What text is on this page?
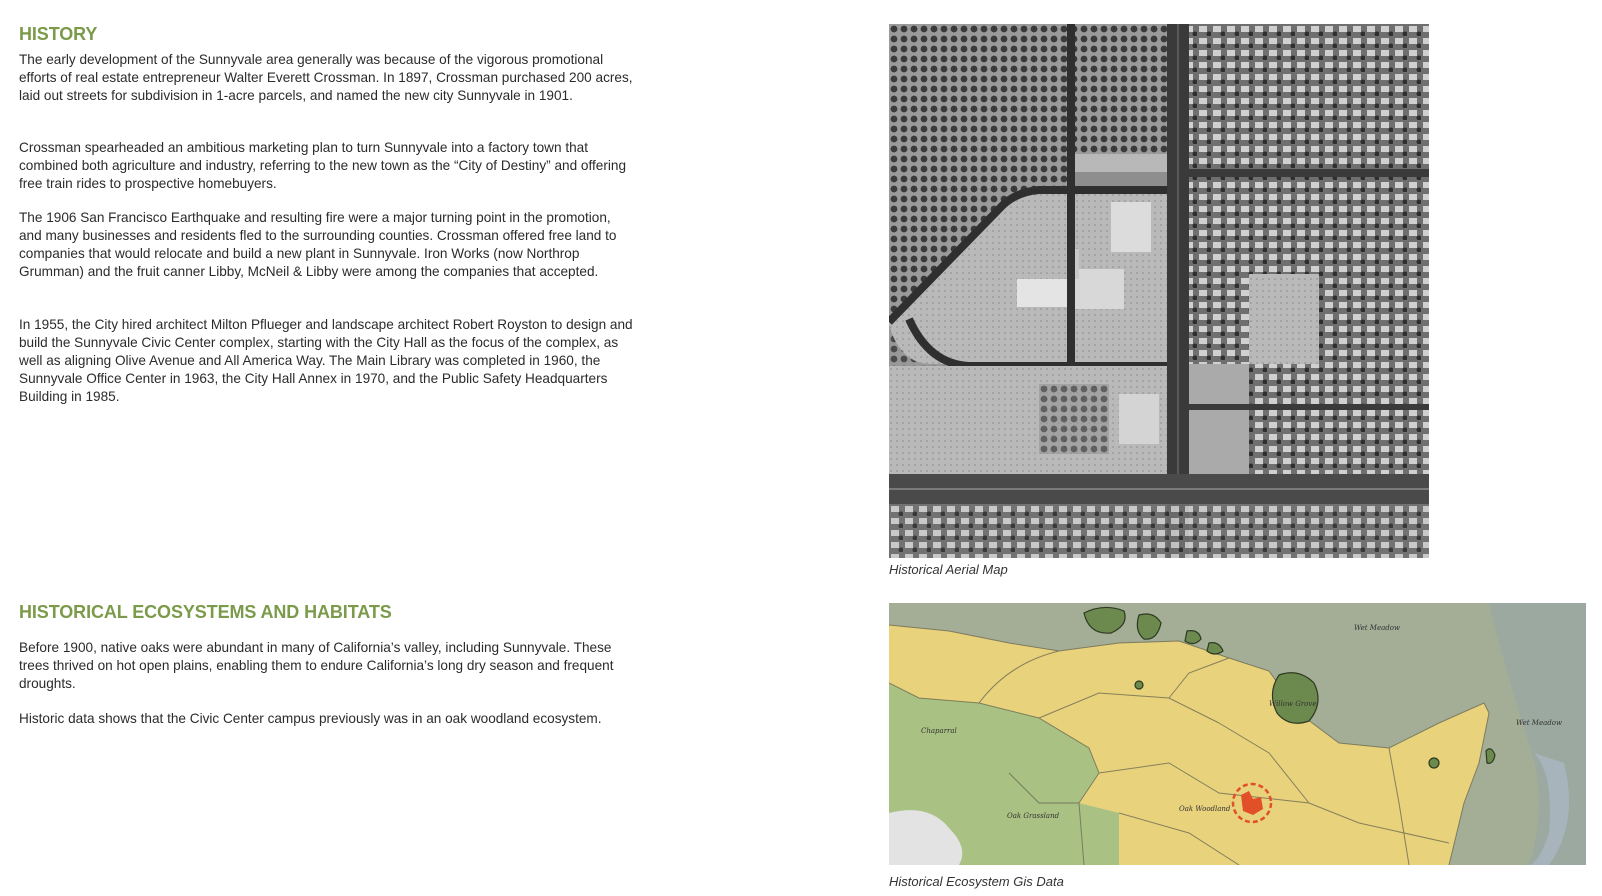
HISTORY

The early development of the Sunnyvale area generally was because of the vigorous promotional efforts of real estate entrepreneur Walter Everett Crossman. In 1897, Crossman purchased 200 acres, laid out streets for subdivision in 1-acre parcels, and named the new city Sunnyvale in 1901.

Crossman spearheaded an ambitious marketing plan to turn Sunnyvale into a factory town that combined both agriculture and industry, referring to the new town as the “City of Destiny” and offering free train rides to prospective homebuyers.

The 1906 San Francisco Earthquake and resulting fire were a major turning point in the promotion, and many businesses and residents fled to the surrounding counties. Crossman offered free land to companies that would relocate and build a new plant in Sunnyvale. Iron Works (now Northrop Grumman) and the fruit canner Libby, McNeil & Libby were among the companies that accepted.

In 1955, the City hired architect Milton Pflueger and landscape architect Robert Royston to design and build the Sunnyvale Civic Center complex, starting with the City Hall as the focus of the complex, as well as aligning Olive Avenue and All America Way. The Main Library was completed in 1960, the Sunnyvale Office Center in 1963, the City Hall Annex in 1970, and the Public Safety Headquarters Building in 1985.

HISTORICAL ECOSYSTEMS AND HABITATS

Before 1900, native oaks were abundant in many of California’s valley, including Sunnyvale. These trees thrived on hot open plains, enabling them to endure California’s long dry season and frequent droughts.

Historic data shows that the Civic Center campus previously was in an oak woodland ecosystem.

Historical Aerial Map
Wet Meadow
Willow Grove
Wet Meadow
Chaparral
Oak Woodland
Oak Grassland
Historical Ecosystem Gis Data
